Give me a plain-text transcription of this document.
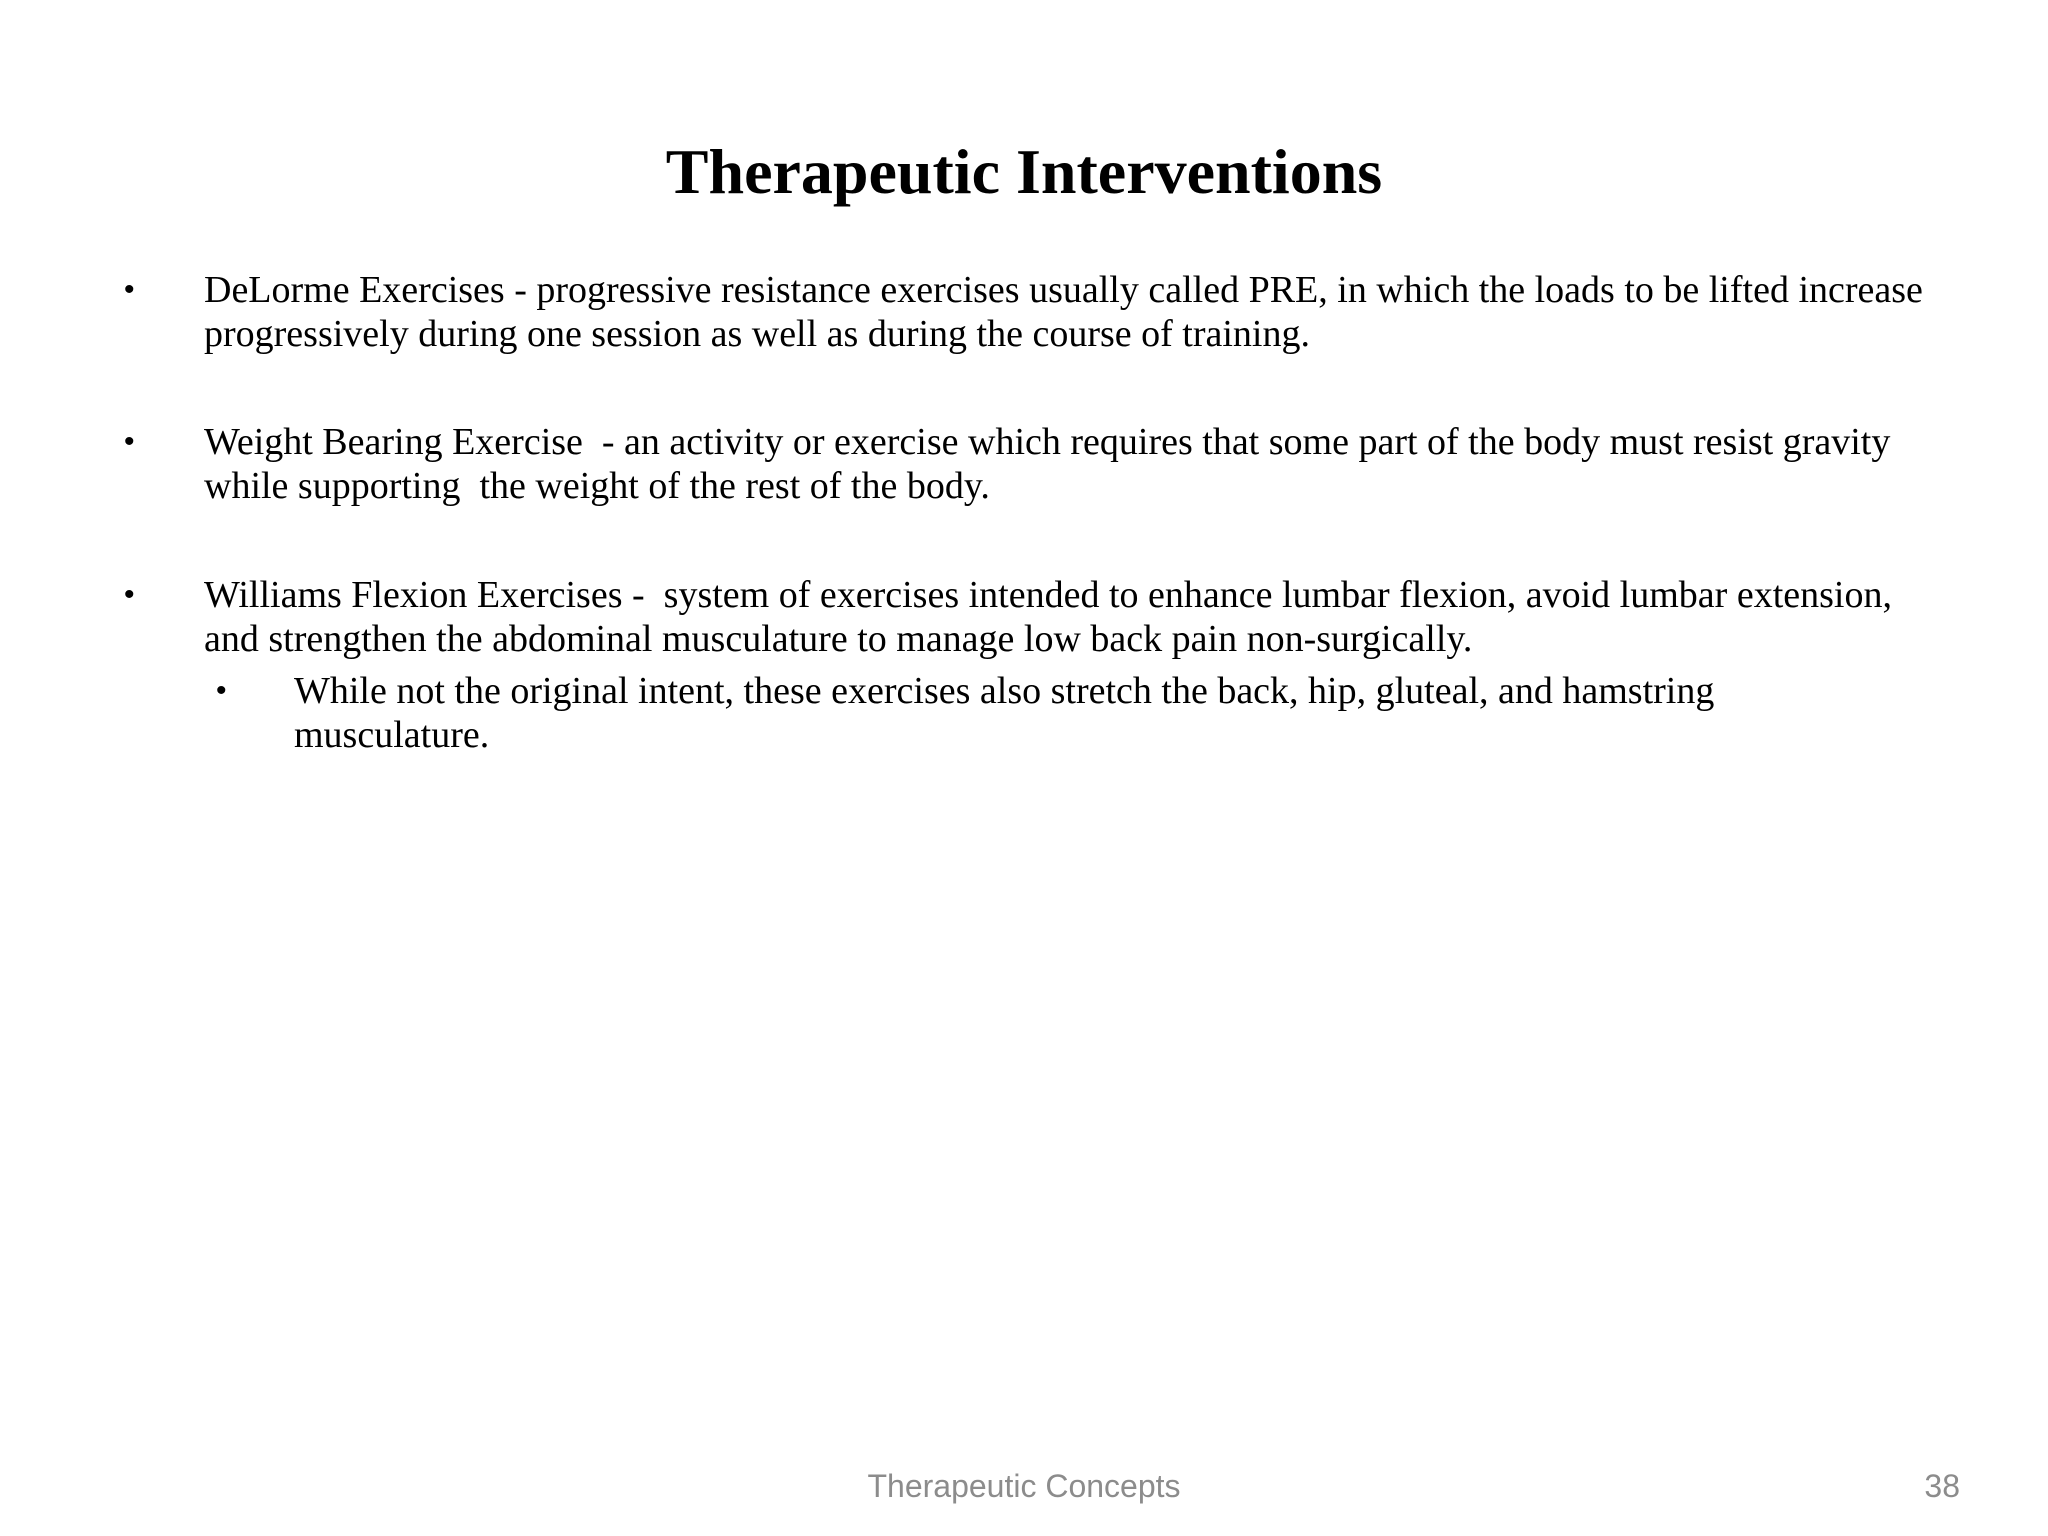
Therapeutic Interventions
• DeLorme Exercises - progressive resistance exercises usually called PRE, in which the loads to be lifted increase progressively during one session as well as during the course of training.
• Weight Bearing Exercise  - an activity or exercise which requires that some part of the body must resist gravity while supporting  the weight of the rest of the body.
• Williams Flexion Exercises -  system of exercises intended to enhance lumbar flexion, avoid lumbar extension, and strengthen the abdominal musculature to manage low back pain non-surgically.
• While not the original intent, these exercises also stretch the back, hip, gluteal, and hamstring musculature.
Therapeutic Concepts	38
